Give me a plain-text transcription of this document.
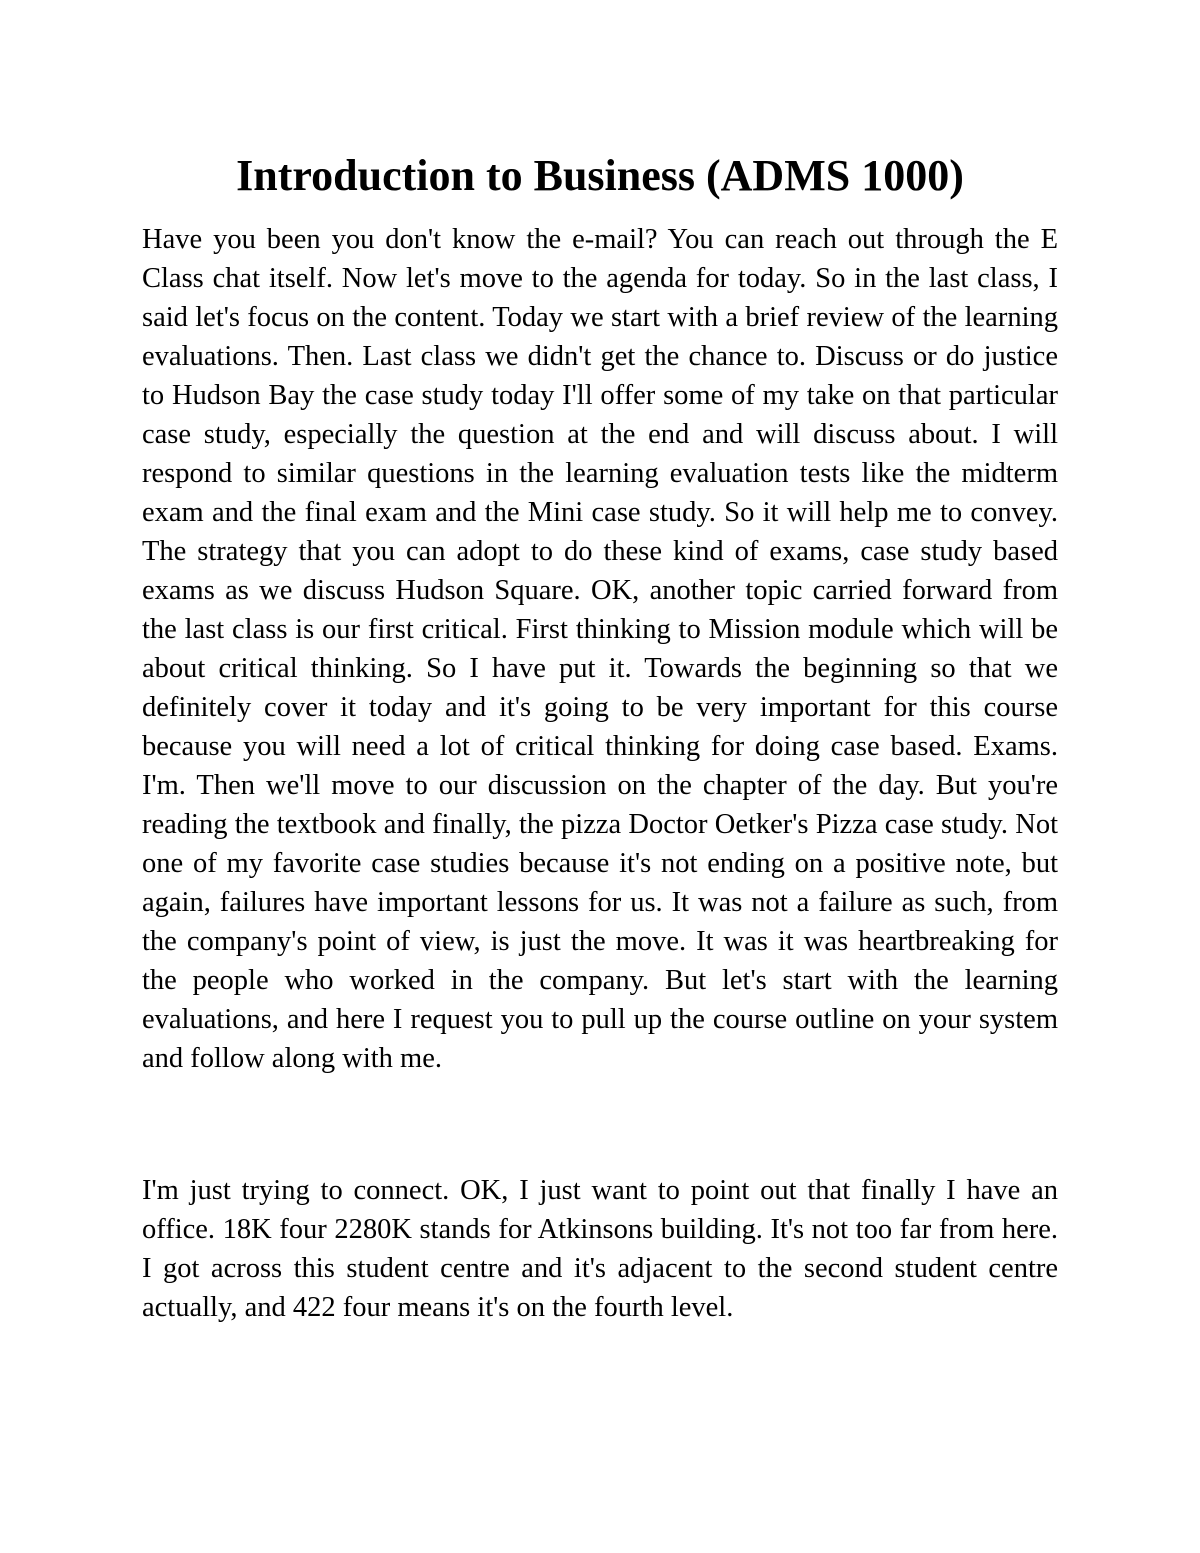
Introduction to Business (ADMS 1000)

Have you been you don't know the e-mail? You can reach out through the E Class chat itself. Now let's move to the agenda for today. So in the last class, I said let's focus on the content. Today we start with a brief review of the learning evaluations. Then. Last class we didn't get the chance to. Discuss or do justice to Hudson Bay the case study today I'll offer some of my take on that particular case study, especially the question at the end and will discuss about. I will respond to similar questions in the learning evaluation tests like the midterm exam and the final exam and the Mini case study. So it will help me to convey. The strategy that you can adopt to do these kind of exams, case study based exams as we discuss Hudson Square. OK, another topic carried forward from the last class is our first critical. First thinking to Mission module which will be about critical thinking. So I have put it. Towards the beginning so that we definitely cover it today and it's going to be very important for this course because you will need a lot of critical thinking for doing case based. Exams. I'm. Then we'll move to our discussion on the chapter of the day. But you're reading the textbook and finally, the pizza Doctor Oetker's Pizza case study. Not one of my favorite case studies because it's not ending on a positive note, but again, failures have important lessons for us. It was not a failure as such, from the company's point of view, is just the move. It was it was heartbreaking for the people who worked in the company. But let's start with the learning evaluations, and here I request you to pull up the course outline on your system and follow along with me.

I'm just trying to connect. OK, I just want to point out that finally I have an office. 18K four 2280K stands for Atkinsons building. It's not too far from here. I got across this student centre and it's adjacent to the second student centre actually, and 422 four means it's on the fourth level.
